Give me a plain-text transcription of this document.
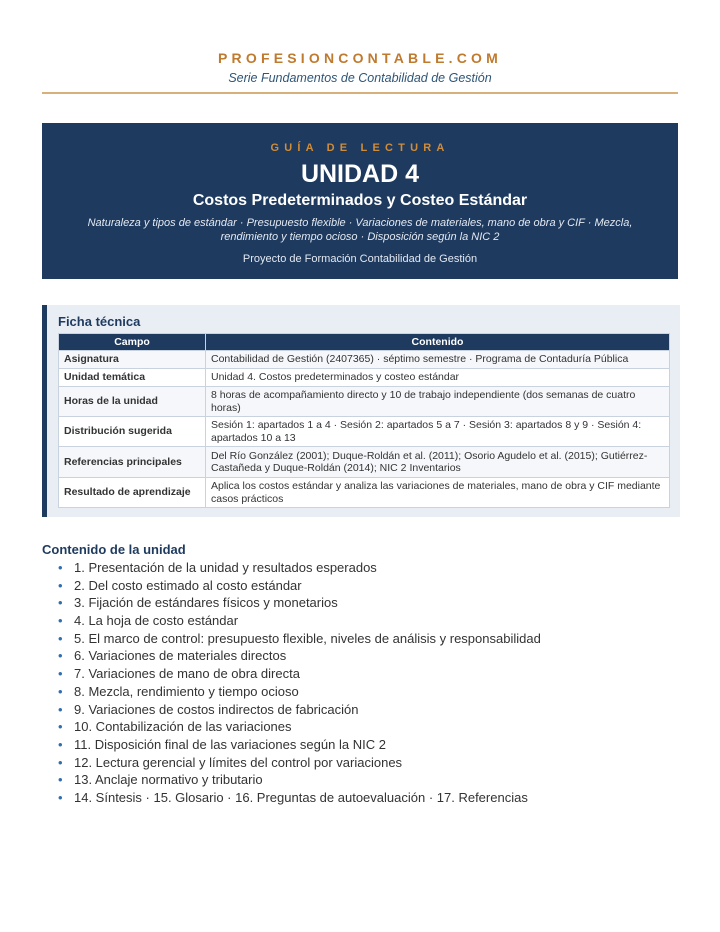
PROFESIONCONTABLE.COM
Serie Fundamentos de Contabilidad de Gestión
GUÍA DE LECTURA
UNIDAD 4
Costos Predeterminados y Costeo Estándar
Naturaleza y tipos de estándar · Presupuesto flexible · Variaciones de materiales, mano de obra y CIF · Mezcla, rendimiento y tiempo ocioso · Disposición según la NIC 2
Proyecto de Formación Contabilidad de Gestión
Ficha técnica
Campo	Contenido
Asignatura	Contabilidad de Gestión (2407365) · séptimo semestre · Programa de Contaduría Pública
Unidad temática	Unidad 4. Costos predeterminados y costeo estándar
Horas de la unidad	8 horas de acompañamiento directo y 10 de trabajo independiente (dos semanas de cuatro horas)
Distribución sugerida	Sesión 1: apartados 1 a 4 · Sesión 2: apartados 5 a 7 · Sesión 3: apartados 8 y 9 · Sesión 4: apartados 10 a 13
Referencias principales	Del Río González (2001); Duque-Roldán et al. (2011); Osorio Agudelo et al. (2015); Gutiérrez-Castañeda y Duque-Roldán (2014); NIC 2 Inventarios
Resultado de aprendizaje	Aplica los costos estándar y analiza las variaciones de materiales, mano de obra y CIF mediante casos prácticos
Contenido de la unidad
• 1. Presentación de la unidad y resultados esperados
• 2. Del costo estimado al costo estándar
• 3. Fijación de estándares físicos y monetarios
• 4. La hoja de costo estándar
• 5. El marco de control: presupuesto flexible, niveles de análisis y responsabilidad
• 6. Variaciones de materiales directos
• 7. Variaciones de mano de obra directa
• 8. Mezcla, rendimiento y tiempo ocioso
• 9. Variaciones de costos indirectos de fabricación
• 10. Contabilización de las variaciones
• 11. Disposición final de las variaciones según la NIC 2
• 12. Lectura gerencial y límites del control por variaciones
• 13. Anclaje normativo y tributario
• 14. Síntesis · 15. Glosario · 16. Preguntas de autoevaluación · 17. Referencias
